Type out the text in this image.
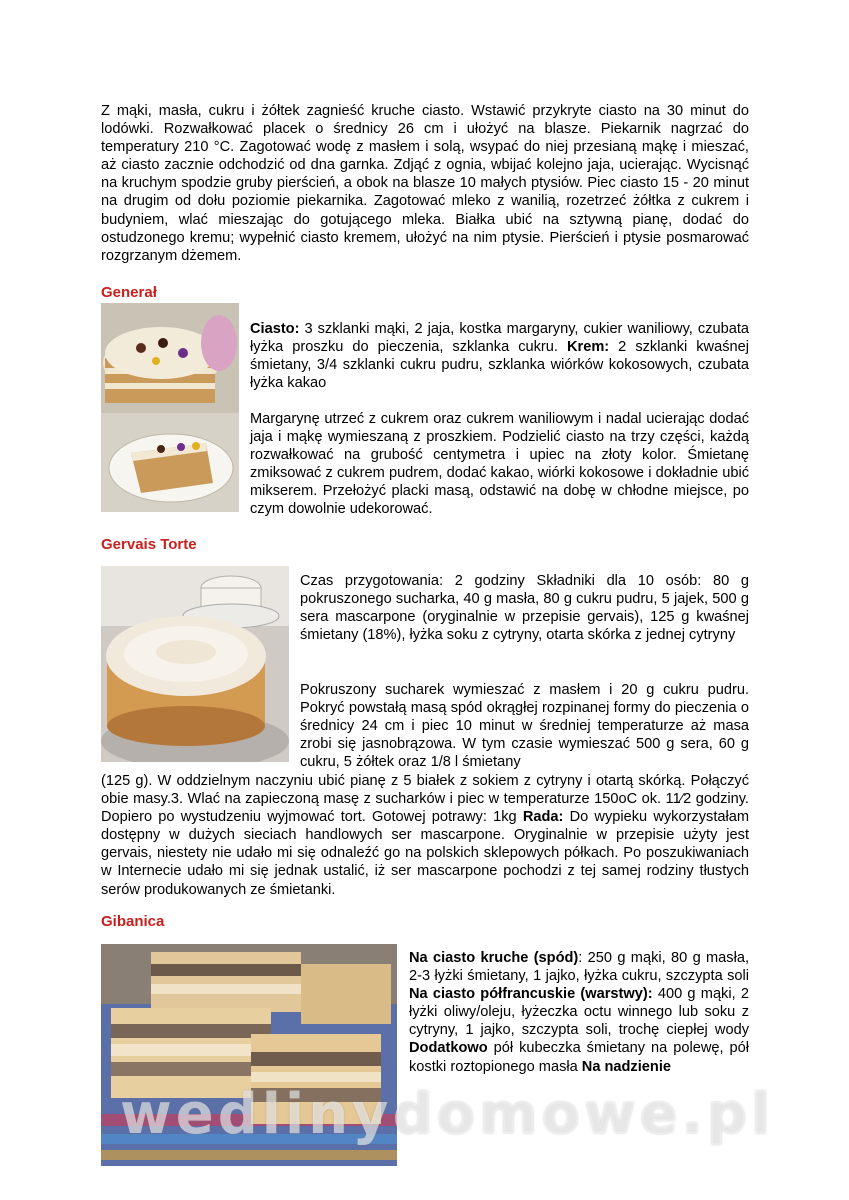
Z mąki, masła, cukru i żółtek zagnieść kruche ciasto. Wstawić przykryte ciasto na 30 minut do lodówki. Rozwałkować placek o średnicy 26 cm i ułożyć na blasze. Piekarnik nagrzać do temperatury 210 °C. Zagotować wodę z masłem i solą, wsypać do niej przesianą mąkę i mieszać, aż ciasto zacznie odchodzić od dna garnka. Zdjąć z ognia, wbijać kolejno jaja, ucierając. Wycisnąć na kruchym spodzie gruby pierścień, a obok na blasze 10 małych ptysiów. Piec ciasto 15 - 20 minut na drugim od dołu poziomie piekarnika. Zagotować mleko z wanilią, rozetrzeć żółtka z cukrem i budyniem, wlać mieszając do gotującego mleka. Białka ubić na sztywną pianę, dodać do ostudzonego kremu; wypełnić ciasto kremem, ułożyć na nim ptysie. Pierścień i ptysie posmarować rozgrzanym dżemem.
Generał
Ciasto: 3 szklanki mąki, 2 jaja, kostka margaryny, cukier waniliowy, czubata łyżka proszku do pieczenia, szklanka cukru. Krem: 2 szklanki kwaśnej śmietany, 3/4 szklanki cukru pudru, szklanka wiórków kokosowych, czubata łyżka kakao
Margarynę utrzeć z cukrem oraz cukrem waniliowym i nadal ucierając dodać jaja i mąkę wymieszaną z proszkiem. Podzielić ciasto na trzy części, każdą rozwałkować na grubość centymetra i upiec na złoty kolor. Śmietanę zmiksować z cukrem pudrem, dodać kakao, wiórki kokosowe i dokładnie ubić mikserem. Przełożyć placki masą, odstawić na dobę w chłodne miejsce, po czym dowolnie udekorować.
Gervais Torte
Czas przygotowania: 2 godziny Składniki dla 10 osób: 80 g pokruszonego sucharka, 40 g masła, 80 g cukru pudru, 5 jajek, 500 g sera mascarpone (oryginalnie w przepisie gervais), 125 g kwaśnej śmietany (18%), łyżka soku z cytryny, otarta skórka z jednej cytryny
Pokruszony sucharek wymieszać z masłem i 20 g cukru pudru. Pokryć powstałą masą spód okrągłej rozpinanej formy do pieczenia o średnicy 24 cm i piec 10 minut w średniej temperaturze aż masa zrobi się jasnobrązowa. W tym czasie wymieszać 500 g sera, 60 g cukru, 5 żółtek oraz 1/8 l śmietany
(125 g). W oddzielnym naczyniu ubić pianę z 5 białek z sokiem z cytryny i otartą skórką. Połączyć obie masy.3. Wlać na zapieczoną masę z sucharków i piec w temperaturze 150oC ok. 11⁄2 godziny. Dopiero po wystudzeniu wyjmować tort. Gotowej potrawy: 1kg Rada: Do wypieku wykorzystałam dostępny w dużych sieciach handlowych ser mascarpone. Oryginalnie w przepisie użyty jest gervais, niestety nie udało mi się odnaleźć go na polskich sklepowych półkach. Po poszukiwaniach w Internecie udało mi się jednak ustalić, iż ser mascarpone pochodzi z tej samej rodziny tłustych serów produkowanych ze śmietanki.
Gibanica
Na ciasto kruche (spód): 250 g mąki, 80 g masła, 2-3 łyżki śmietany, 1 jajko, łyżka cukru, szczypta soli Na ciasto półfrancuskie (warstwy): 400 g mąki, 2 łyżki oliwy/oleju, łyżeczka octu winnego lub soku z cytryny, 1 jajko, szczypta soli, trochę ciepłej wody Dodatkowo pół kubeczka śmietany na polewę, pół kostki roztopionego masła Na nadzienie
wedlinydomowe.pl
